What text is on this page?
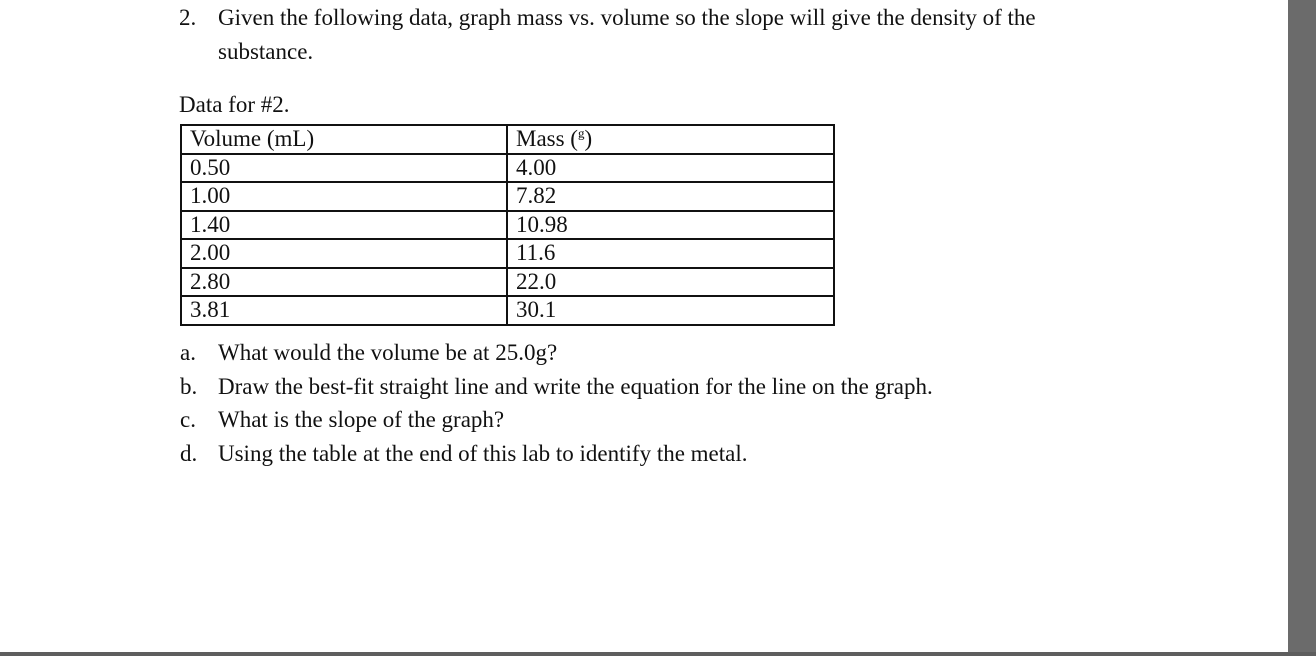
2. Given the following data, graph mass vs. volume so the slope will give the density of the
substance.
Data for #2.
Volume (mL)	Mass ($^g$)
0.50	4.00
1.00	7.82
1.40	10.98
2.00	11.6
2.80	22.0
3.81	30.1
a. What would the volume be at 25.0g?
b. Draw the best-fit straight line and write the equation for the line on the graph.
c. What is the slope of the graph?
d. Using the table at the end of this lab to identify the metal.
